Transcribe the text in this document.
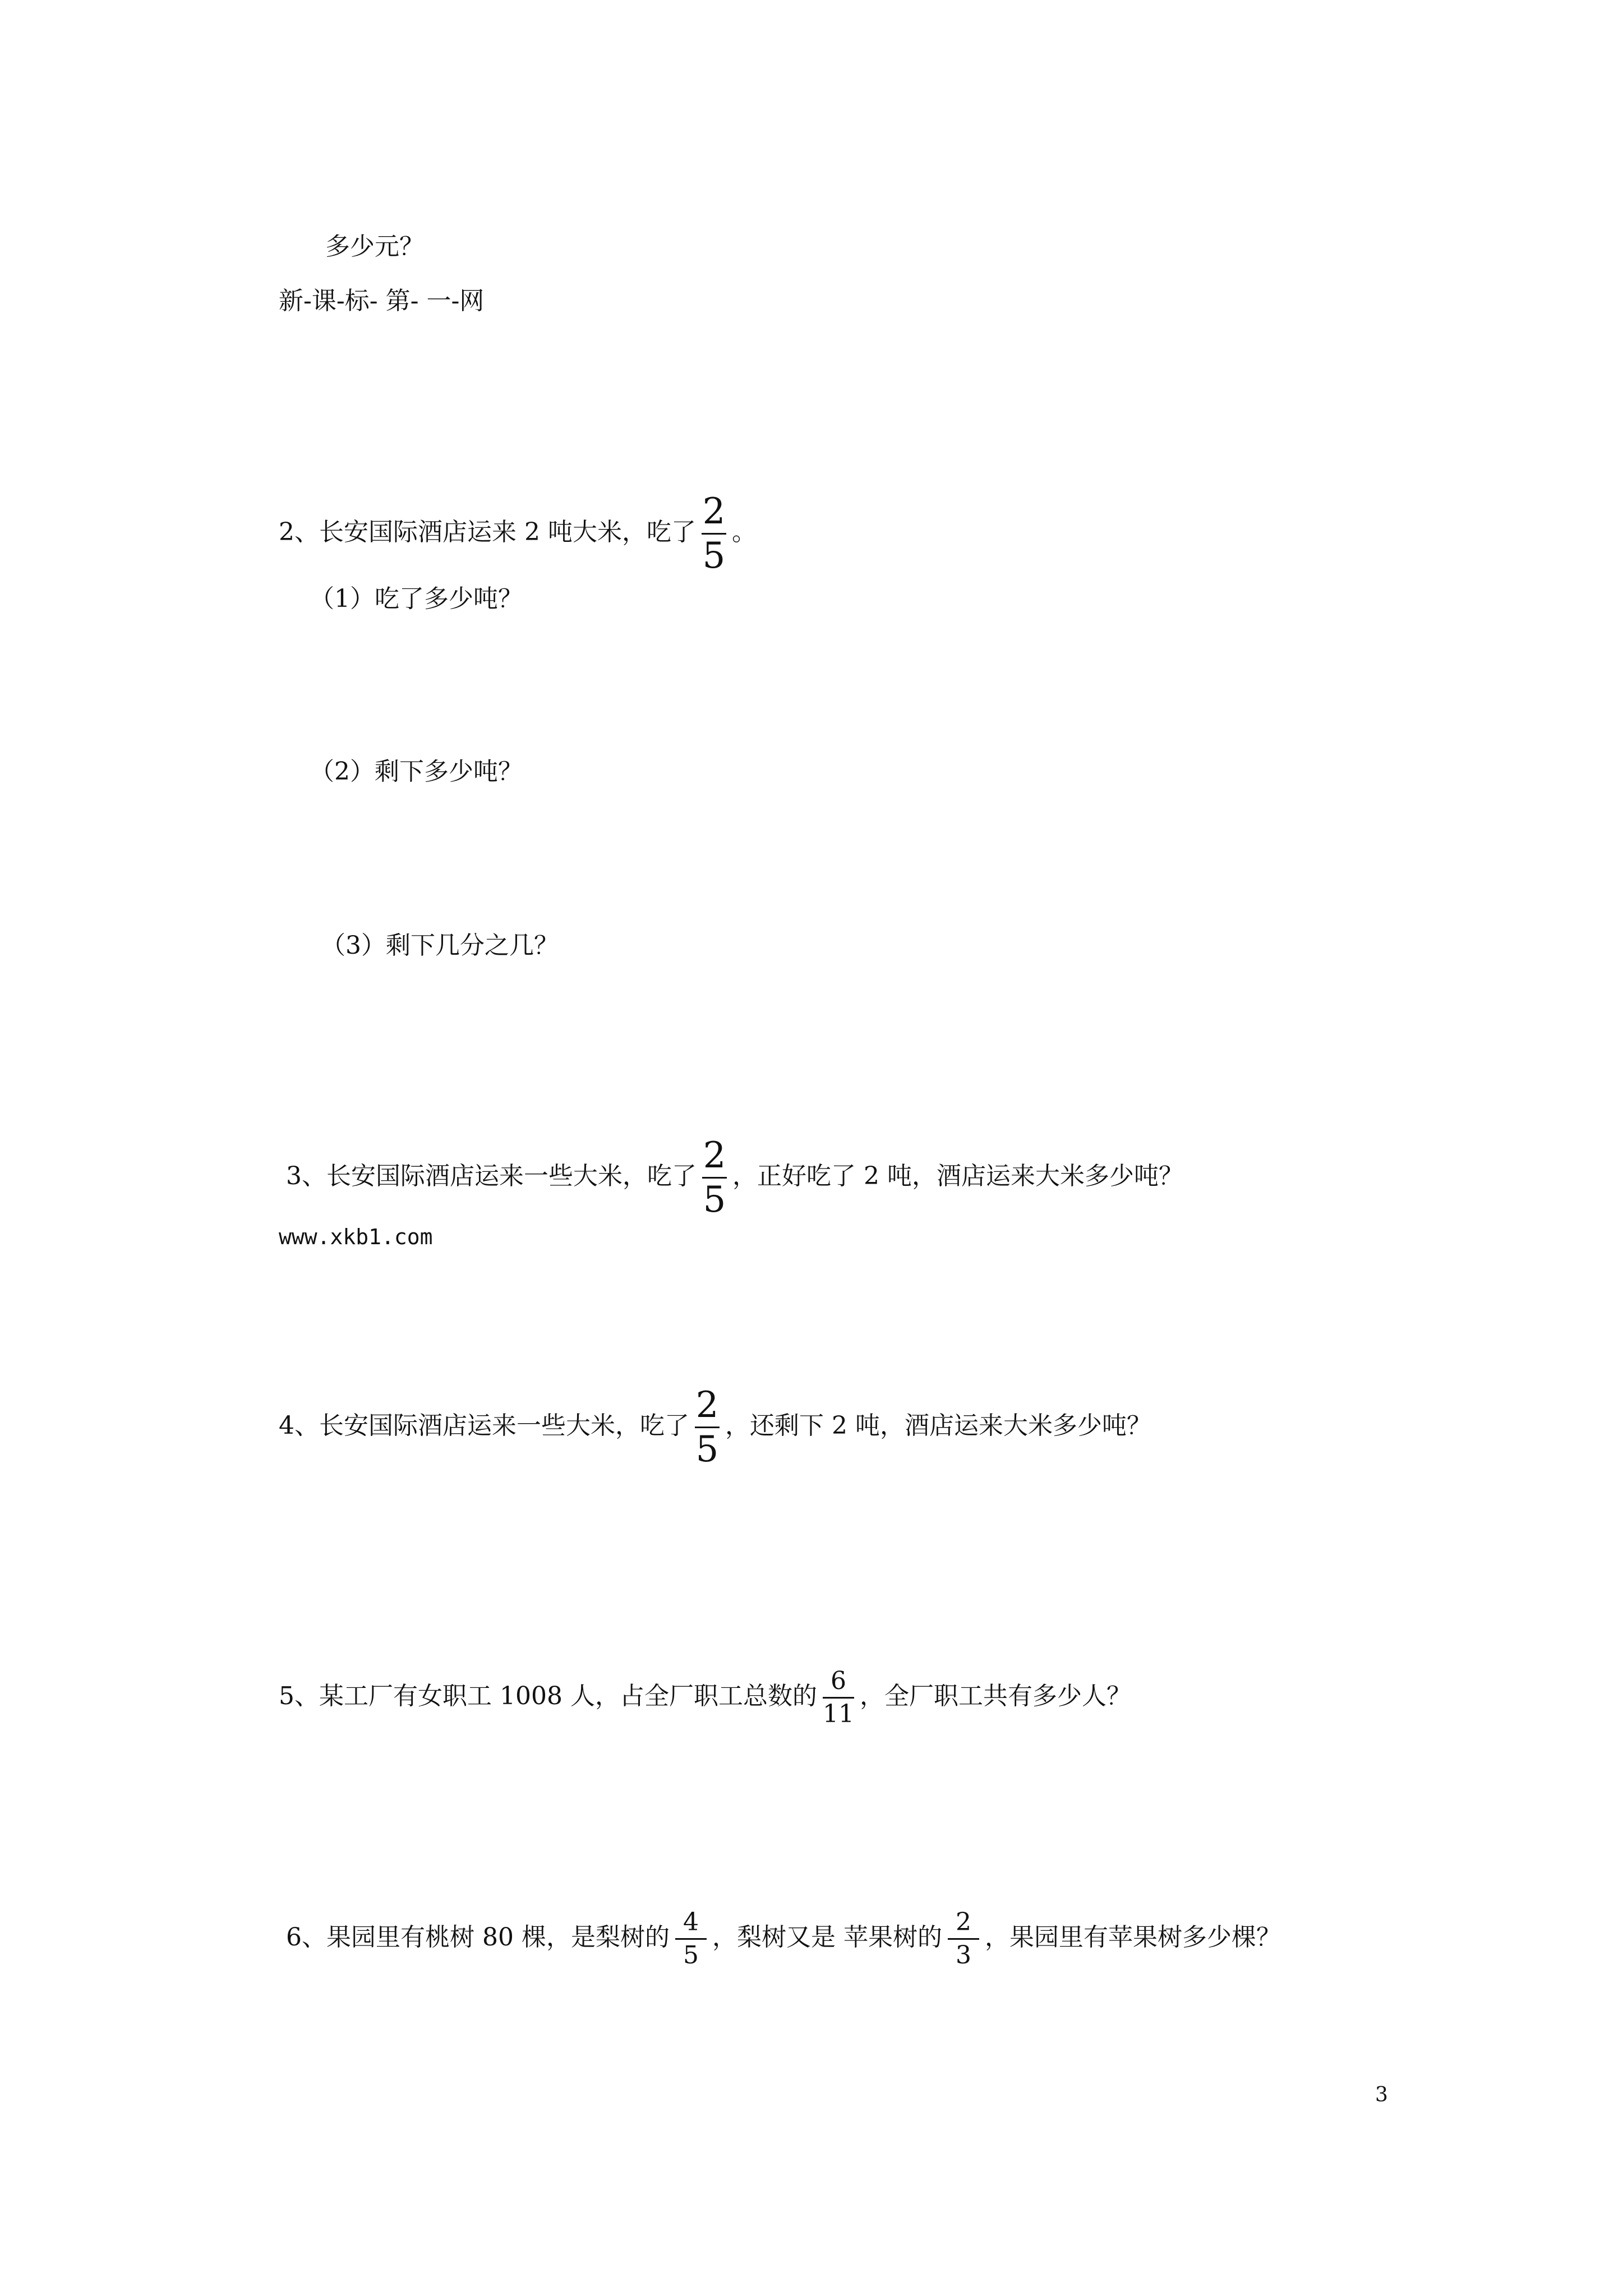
多少元？
新-课-标- 第- 一-网
2、长安国际酒店运来 2 吨大米，吃了 $\frac{2}{5}$ 。
（1）吃了多少吨？
（2）剩下多少吨？
（3）剩下几分之几？
3、长安国际酒店运来一些大米，吃了 $\frac{2}{5}$ ，正好吃了 2 吨，酒店运来大米多少吨？
www.xkb1.com
4、长安国际酒店运来一些大米，吃了 $\frac{2}{5}$ ，还剩下 2 吨，酒店运来大米多少吨？
5、某工厂有女职工 1008 人，占全厂职工总数的 $\frac{6}{11}$ ，全厂职工共有多少人？
6、果园里有桃树 80 棵，是梨树的 $\frac{4}{5}$ ，梨树又是 苹果树的 $\frac{2}{3}$ ，果园里有苹果树多少棵？
3
